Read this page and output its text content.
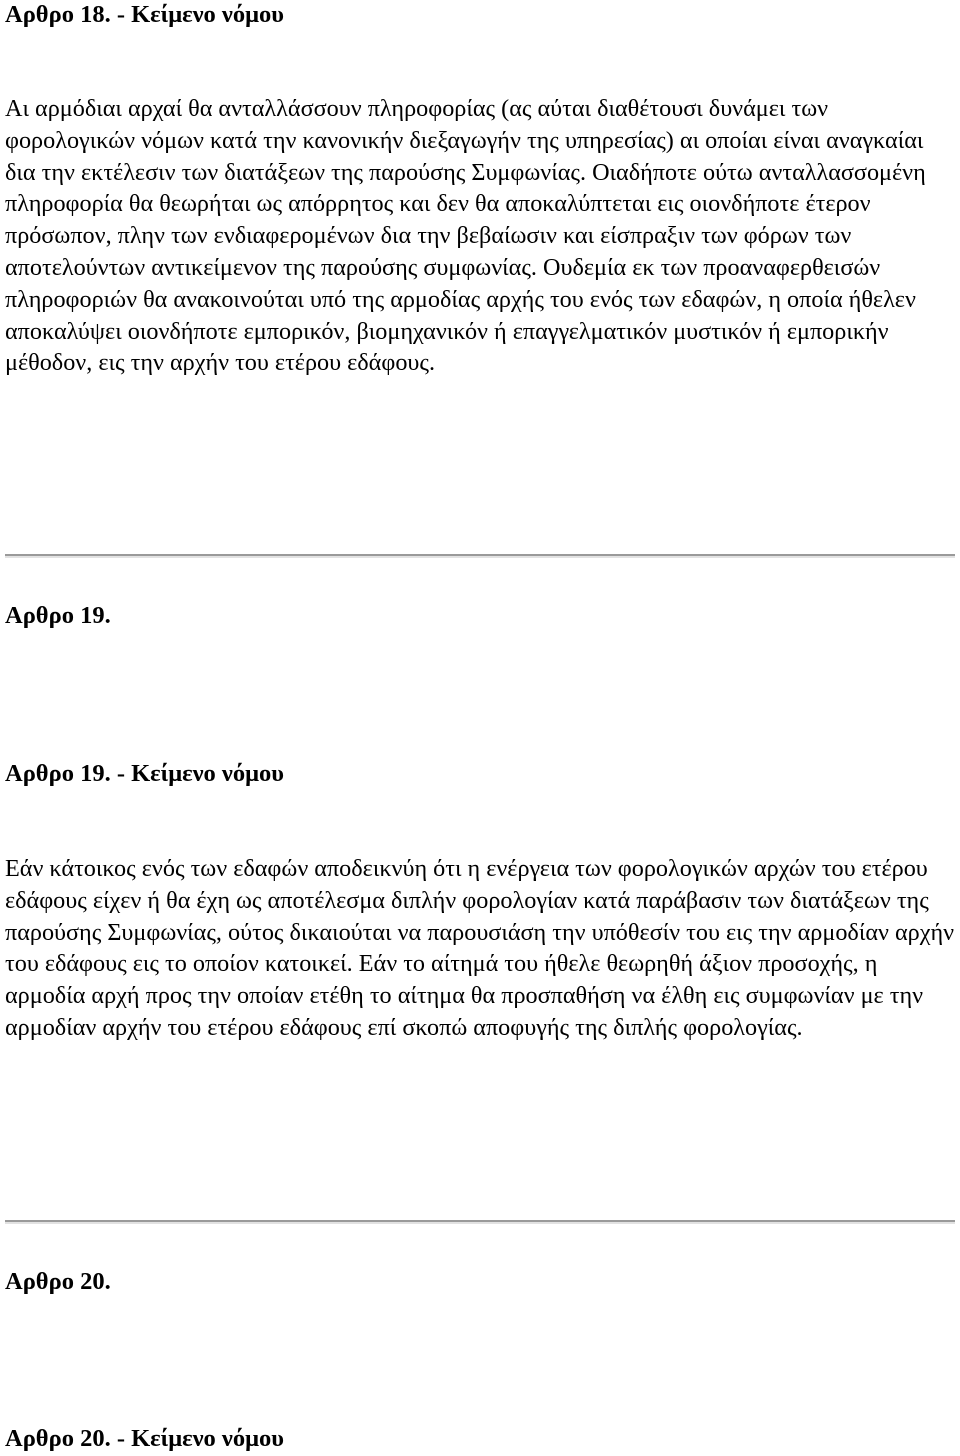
Αρθρο 18. - Κείμενο νόμου

Αι αρμόδιαι αρχαί θα ανταλλάσσουν πληροφορίας (ας αύται διαθέτουσι δυνάμει των φορολογικών νόμων κατά την κανονικήν διεξαγωγήν της υπηρεσίας) αι οποίαι είναι αναγκαίαι δια την εκτέλεσιν των διατάξεων της παρούσης Συμφωνίας. Οιαδήποτε ούτω ανταλλασσομένη πληροφορία θα θεωρήται ως απόρρητος και δεν θα αποκαλύπτεται εις οιονδήποτε έτερον πρόσωπον, πλην των ενδιαφερομένων δια την βεβαίωσιν και είσπραξιν των φόρων των αποτελούντων αντικείμενον της παρούσης συμφωνίας. Ουδεμία εκ των προαναφερθεισών πληροφοριών θα ανακοινούται υπό της αρμοδίας αρχής του ενός των εδαφών, η οποία ήθελεν αποκαλύψει οιονδήποτε εμπορικόν, βιομηχανικόν ή επαγγελματικόν μυστικόν ή εμπορικήν μέθοδον, εις την αρχήν του ετέρου εδάφους.

Αρθρο 19.
Αρθρο 19. - Κείμενο νόμου

Εάν κάτοικος ενός των εδαφών αποδεικνύη ότι η ενέργεια των φορολογικών αρχών του ετέρου εδάφους είχεν ή θα έχη ως αποτέλεσμα διπλήν φορολογίαν κατά παράβασιν των διατάξεων της παρούσης Συμφωνίας, ούτος δικαιούται να παρουσιάση την υπόθεσίν του εις την αρμοδίαν αρχήν του εδάφους εις το οποίον κατοικεί. Εάν το αίτημά του ήθελε θεωρηθή άξιον προσοχής, η αρμοδία αρχή προς την οποίαν ετέθη το αίτημα θα προσπαθήση να έλθη εις συμφωνίαν με την αρμοδίαν αρχήν του ετέρου εδάφους επί σκοπώ αποφυγής της διπλής φορολογίας.

Αρθρο 20.
Αρθρο 20. - Κείμενο νόμου
